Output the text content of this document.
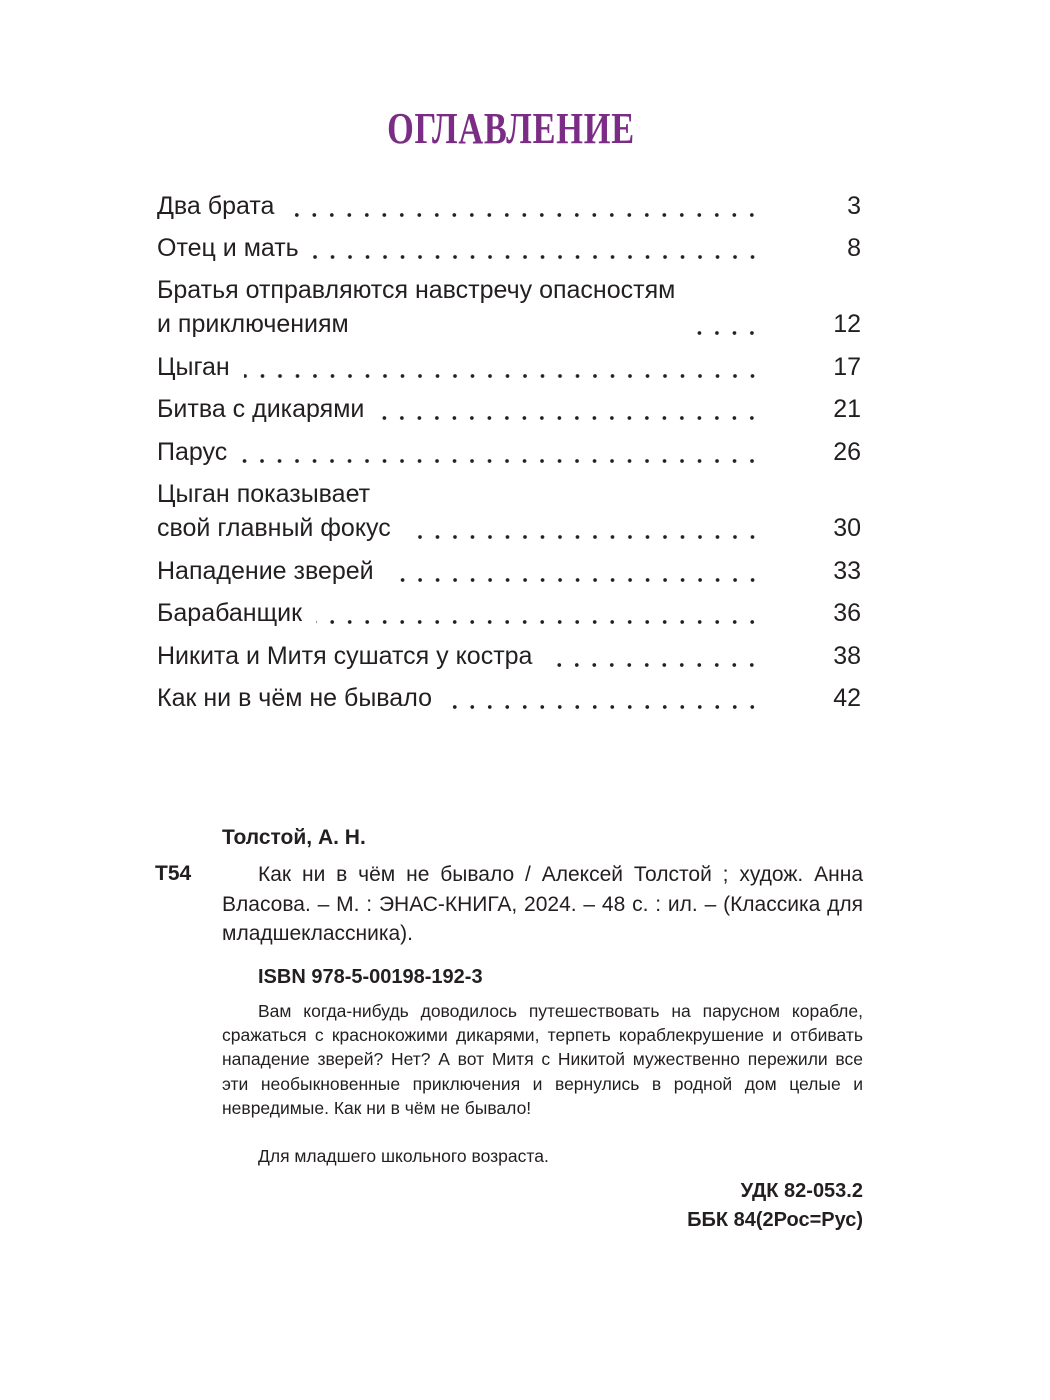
ОГЛАВЛЕНИЕ
Два брата	3
Отец и мать	8
Братья отправляются навстречу опасностям
и приключениям	12
Цыган	17
Битва с дикарями	21
Парус	26
Цыган показывает
свой главный фокус	30
Нападение зверей	33
Барабанщик	36
Никита и Митя сушатся у костра	38
Как ни в чём не бывало	42
Толстой, А. Н.
Т54	Как ни в чём не бывало / Алексей Толстой ; худож. Анна Власова. – М. : ЭНАС-КНИГА, 2024. – 48 с. : ил. – (Классика для младшеклассника).
ISBN 978-5-00198-192-3
Вам когда-нибудь доводилось путешествовать на парусном корабле, сражаться с краснокожими дикарями, терпеть кораблекрушение и отбивать нападение зверей? Нет? А вот Митя с Никитой мужественно пережили все эти необыкновенные приключения и вернулись в родной дом целые и невредимые. Как ни в чём не бывало!
Для младшего школьного возраста.
УДК 82-053.2
ББК 84(2Рос=Рус)
